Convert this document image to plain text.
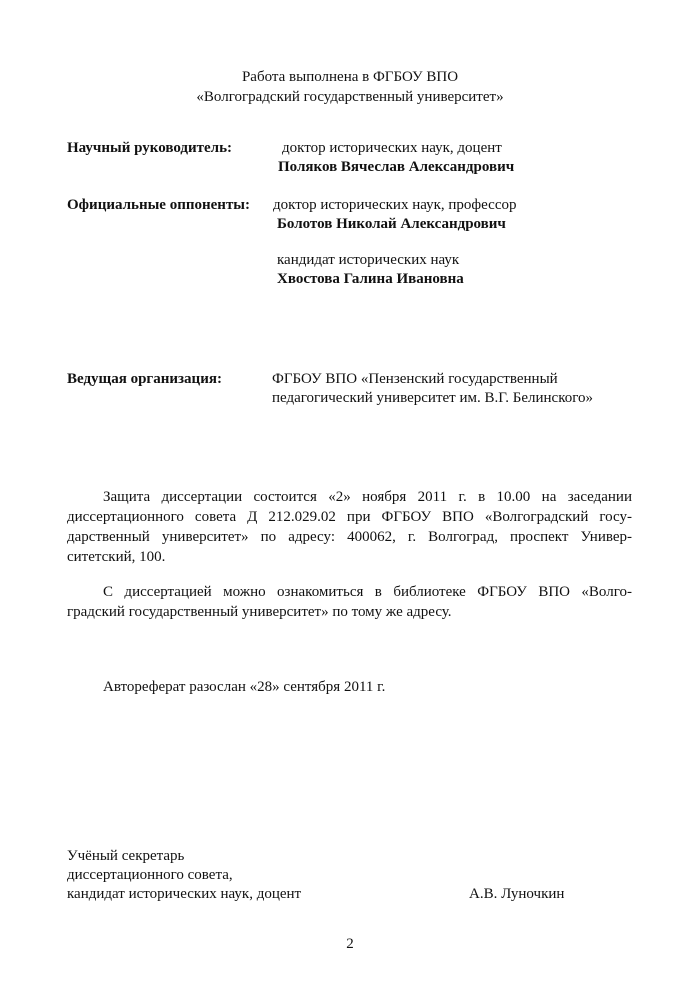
Работа выполнена в ФГБОУ ВПО
«Волгоградский государственный университет»
Научный руководитель:	доктор исторических наук, доцент
Поляков Вячеслав Александрович
Официальные оппоненты: доктор исторических наук, профессор
Болотов Николай Александрович
кандидат исторических наук
Хвостова Галина Ивановна
Ведущая организация:	ФГБОУ ВПО «Пензенский государственный
педагогический университет им. В.Г. Белинского»
Защита диссертации состоится «2» ноября 2011 г. в 10.00 на заседании
диссертационного совета Д 212.029.02 при ФГБОУ ВПО «Волгоградский госу-
дарственный университет» по адресу: 400062, г. Волгоград, проспект Универ-
ситетский, 100.
С диссертацией можно ознакомиться в библиотеке ФГБОУ ВПО «Волго-
градский государственный университет» по тому же адресу.
Автореферат разослан «28» сентября 2011 г.
Учёный секретарь
диссертационного совета,
кандидат исторических наук, доцент	А.В. Луночкин
2
